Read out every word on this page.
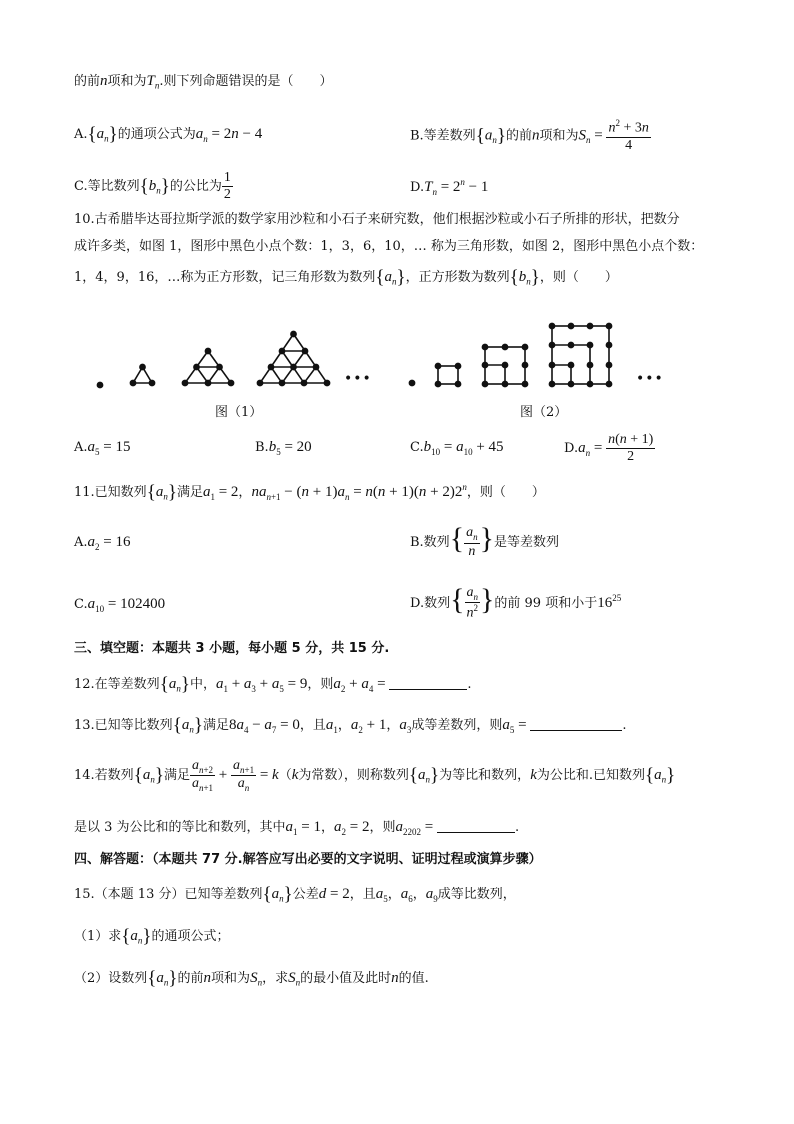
的前n项和为$T_n$.则下列命题错误的是（　　）
$A.\{a_n\}$的通项公式为$a_n = 2n - 4$	B.等差数列$\{a_n\}$的前n项和为$S_n = \frac{n^2 + 3n}{4}$
C.等比数列$\{b_n\}$的公比为 $\frac{1}{2}$	$D.T_n = 2^n - 1$
10.古希腊毕达哥拉斯学派的数学家用沙粒和小石子来研究数，他们根据沙粒或小石子所排的形状，把数分
成许多类，如图 1，图形中黑色小点个数：1，3，6，10，… 称为三角形数，如图 2，图形中黑色小点个数：
1，4，9，16，…称为正方形数，记三角形数为数列$\{a_n\}$，正方形数为数列$\{b_n\}$，则（　　）
•••
图（1）
•••
图（2）
$A.a_5 = 15$	$B.b_5 = 20$	$C.b_{10} = a_{10} + 45$	$D.a_n = \frac{n(n + 1)}{2}$
11.已知数列$\{a_n\}$满足$a_1 = 2$，$na_{n+1} - (n + 1)a_n = n(n + 1)(n + 2)2^n$，则（　　）
$A.a_2 = 16$	B.数列{ $\frac{a_n}{n}$ }是等差数列
$C.a_{10} = 102400$	D.数列{ $\frac{a_n}{n^2}$ }的前 99 项和小于$16^{25}$
三、填空题：本题共 3 小题，每小题 5 分，共 15 分.
12.在等差数列$\{a_n\}$中，$a_1 + a_3 + a_5 = 9$，则$a_2 + a_4$ =	.
13.已知等比数列$\{a_n\}$满足$8a_4 - a_7 = 0$，且$a_1$，$a_2 + 1$，$a_3$成等差数列，则$a_5$ =	.
14.若数列$\{a_n\}$满足 $\frac{a_{n+2}}{a_{n+1}} + \frac{a_{n+1}}{a_n} = k(k$为常数），则称数列$\{a_n\}$为等比和数列，k为公比和.已知数列$\{a_n\}$
是以 3 为公比和的等比和数列，其中$a_1 = 1$，$a_2 = 2$，则$a_{2202}$ =	.
四、解答题：（本题共 77 分.解答应写出必要的文字说明、证明过程或演算步骤）
15.（本题 13 分）已知等差数列$\{a_n\}$公差d = 2，且$a_5$，$a_6$，$a_9$成等比数列，
（1）求$\{a_n\}$的通项公式；
（2）设数列$\{a_n\}$的前n项和为$S_n$，求$S_n$的最小值及此时n的值.
